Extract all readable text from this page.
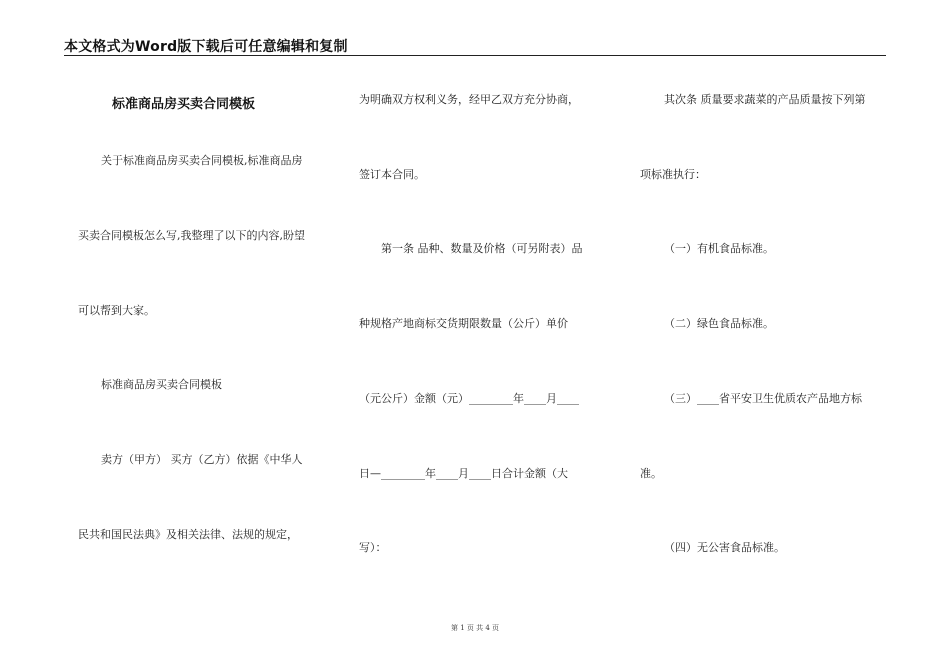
本文格式为Word版下载后可任意编辑和复制
标准商品房买卖合同模板
关于标准商品房买卖合同模板,标准商品房
买卖合同模板怎么写,我整理了以下的内容,盼望
可以帮到大家。
标准商品房买卖合同模板
卖方（甲方） 买方（乙方）依据《中华人
民共和国民法典》及相关法律、法规的规定，
为明确双方权利义务，经甲乙双方充分协商，
签订本合同。
第一条 品种、数量及价格（可另附表）品
种规格产地商标交货期限数量（公斤）单价
（元公斤）金额（元）________年____月____
日—________年____月____日合计金额（大
写）：
其次条 质量要求蔬菜的产品质量按下列第
项标准执行：
（一）有机食品标准。
（二）绿色食品标准。
（三）____省平安卫生优质农产品地方标
准。
（四）无公害食品标准。
第 1 页 共 4 页
